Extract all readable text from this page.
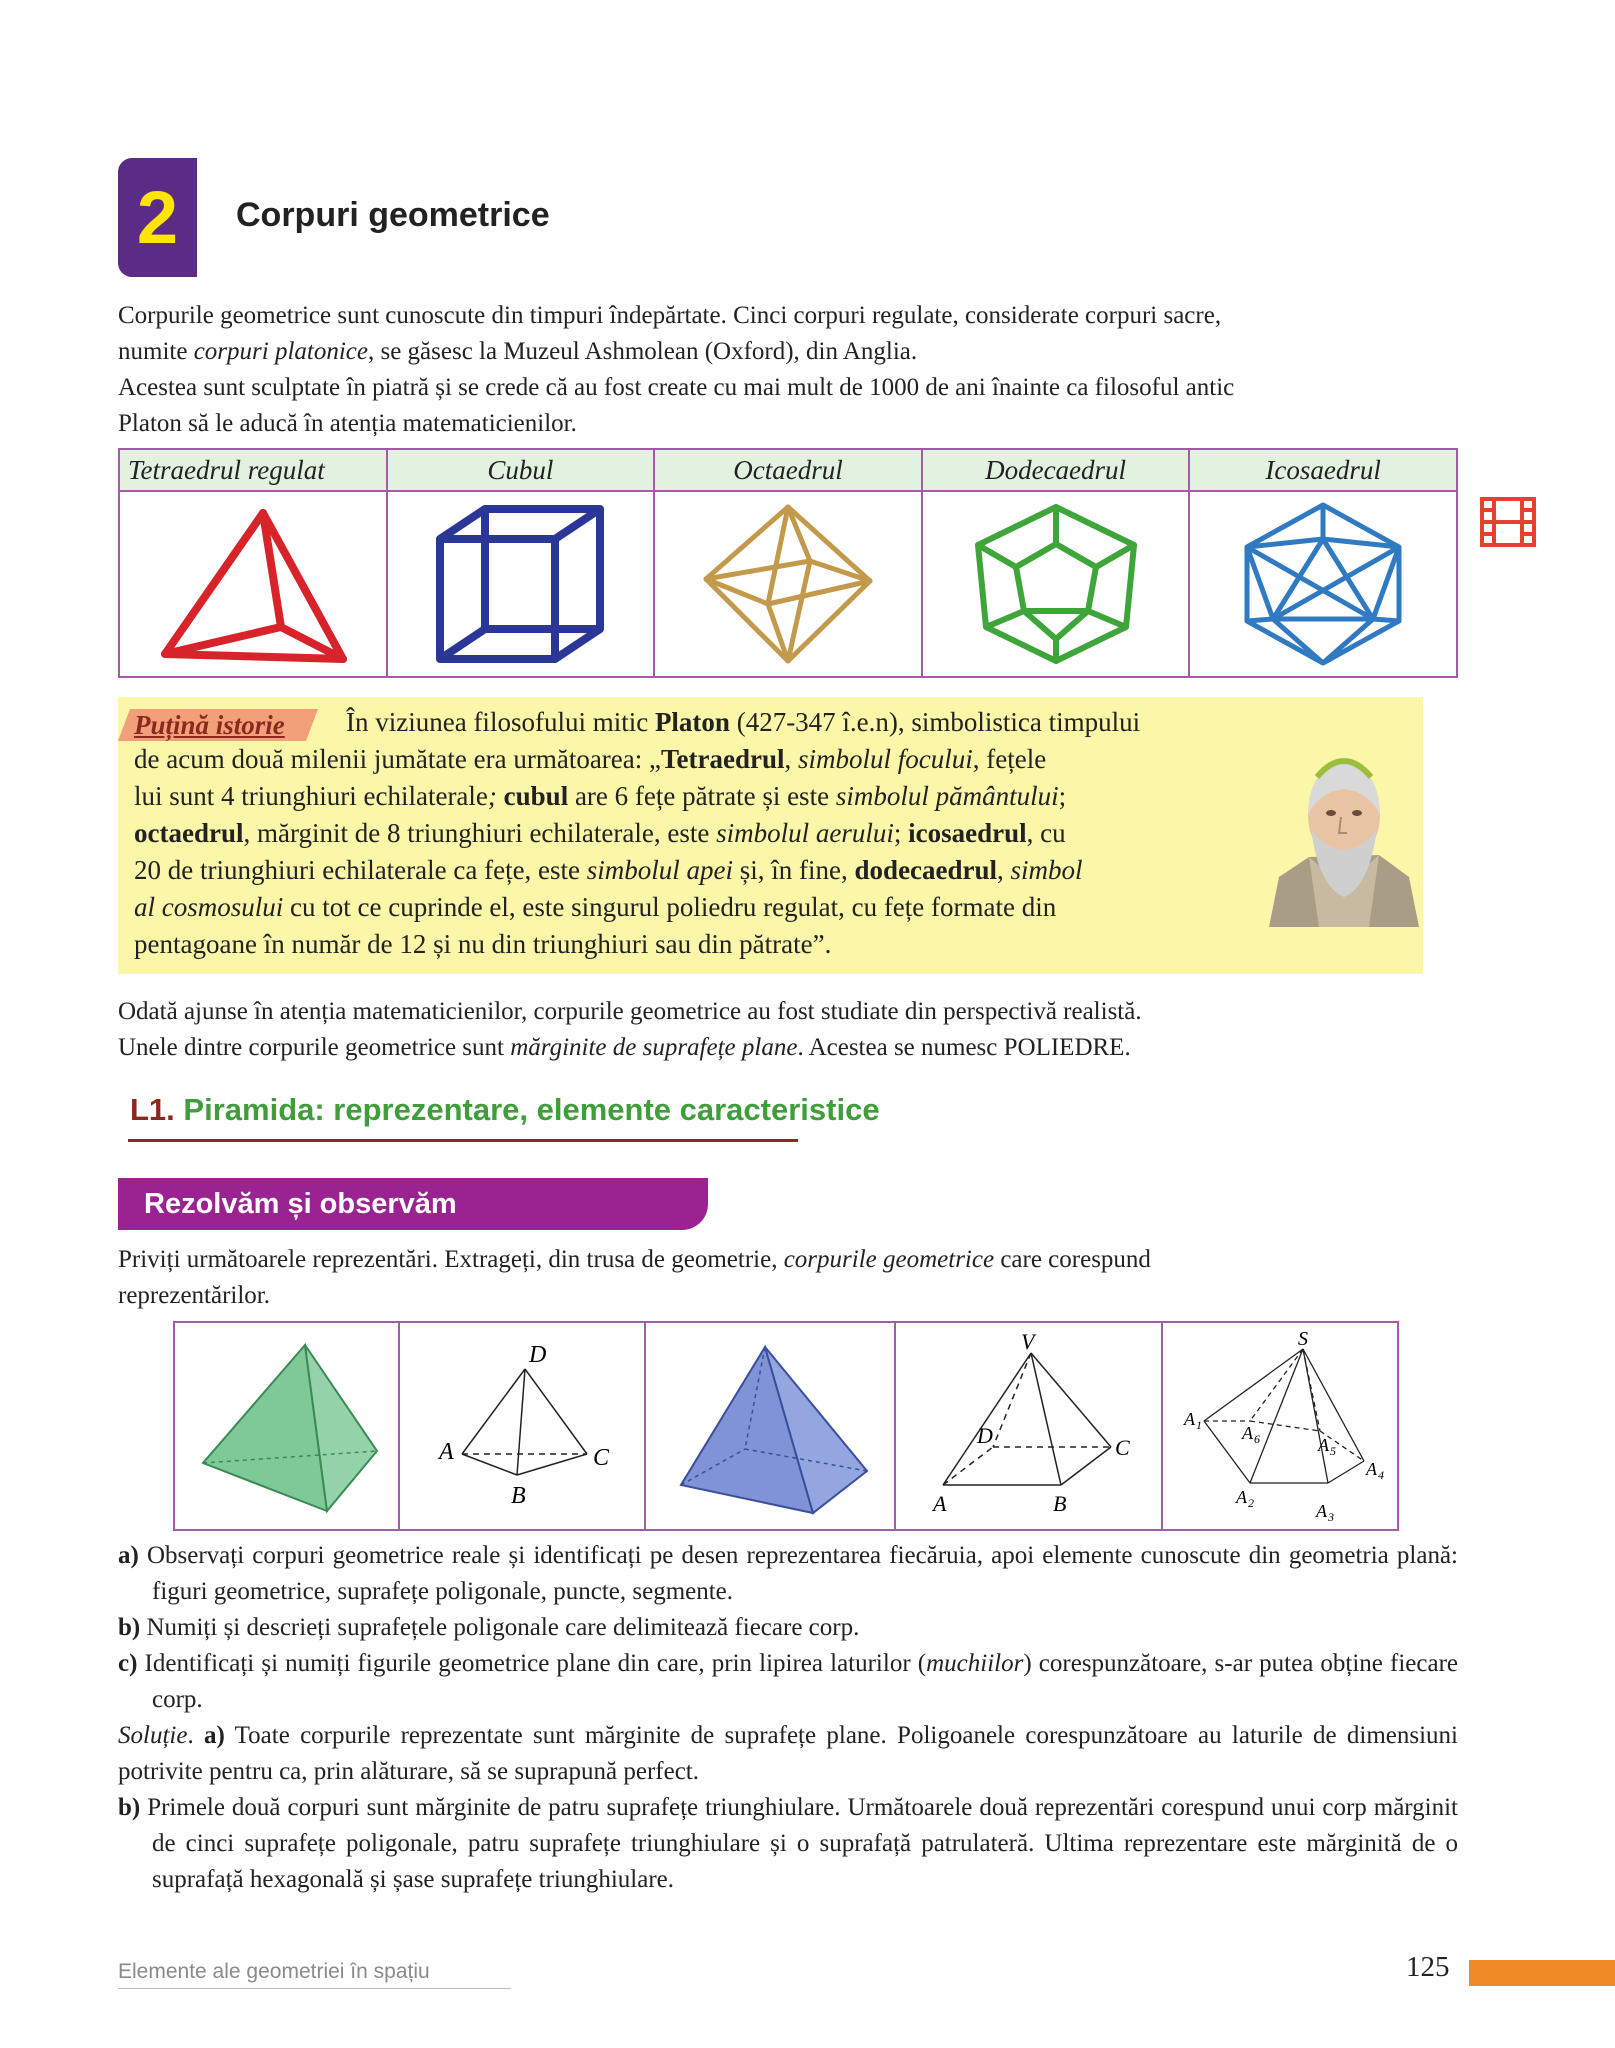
2	Corpuri geometrice
Corpurile geometrice sunt cunoscute din timpuri îndepărtate. Cinci corpuri regulate, considerate corpuri sacre,
numite corpuri platonice, se găsesc la Muzeul Ashmolean (Oxford), din Anglia.
Acestea sunt sculptate în piatră și se crede că au fost create cu mai mult de 1000 de ani înainte ca filosoful antic
Platon să le aducă în atenția matematicienilor.
Tetraedrul regulat	Cubul	Octaedrul	Dodecaedrul	Icosaedrul
Puțină istorie	În viziunea filosofului mitic Platon (427-347 î.e.n), simbolistica timpului
de acum două milenii jumătate era următoarea: „Tetraedrul, simbolul focului, fețele
lui sunt 4 triunghiuri echilaterale; cubul are 6 fețe pătrate și este simbolul pământului;
octaedrul, mărginit de 8 triunghiuri echilaterale, este simbolul aerului; icosaedrul, cu
20 de triunghiuri echilaterale ca fețe, este simbolul apei și, în fine, dodecaedrul, simbol
al cosmosului cu tot ce cuprinde el, este singurul poliedru regulat, cu fețe formate din
pentagoane în număr de 12 și nu din triunghiuri sau din pătrate”.
Odată ajunse în atenția matematicienilor, corpurile geometrice au fost studiate din perspectivă realistă.
Unele dintre corpurile geometrice sunt mărginite de suprafețe plane. Acestea se numesc POLIEDRE.
L1. Piramida: reprezentare, elemente caracteristice
Rezolvăm și observăm
Priviți următoarele reprezentări. Extrageți, din trusa de geometrie, corpurile geometrice care corespund
reprezentărilor.
D
A	C
B
V
D	C
A	B
S
A 1 A 6	A 5
A 4
A 2	A 3
a) Observați corpuri geometrice reale și identificați pe desen reprezentarea fiecăruia, apoi elemente cunoscute din geometria plană: figuri geometrice, suprafețe poligonale, puncte, segmente.
b) Numiți și descrieți suprafețele poligonale care delimitează fiecare corp.
c) Identificați și numiți figurile geometrice plane din care, prin lipirea laturilor (muchiilor) corespunzătoare, s-ar putea obține fiecare corp.
Soluție. a) Toate corpurile reprezentate sunt mărginite de suprafețe plane. Poligoanele corespunzătoare au laturile de dimensiuni potrivite pentru ca, prin alăturare, să se suprapună perfect.
b) Primele două corpuri sunt mărginite de patru suprafețe triunghiulare. Următoarele două reprezentări corespund unui corp mărginit de cinci suprafețe poligonale, patru suprafețe triunghiulare și o suprafață patrulateră. Ultima reprezentare este mărginită de o suprafață hexagonală și șase suprafețe triunghiulare.
Elemente ale geometriei în spațiu	125
